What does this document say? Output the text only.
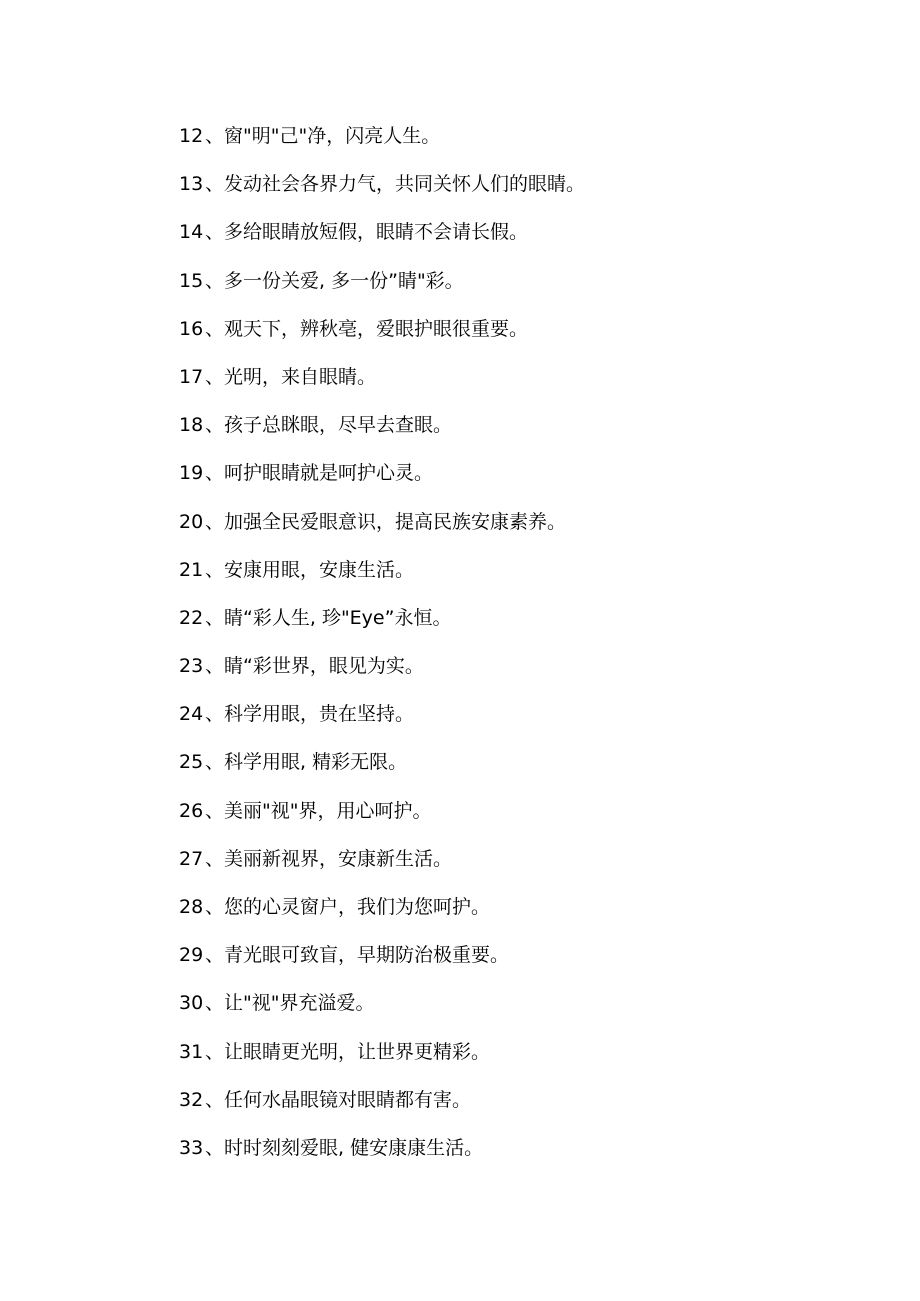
12、窗"明"己"净，闪亮人生。
13、发动社会各界力气，共同关怀人们的眼睛。
14、多给眼睛放短假，眼睛不会请长假。
15、多一份关爱, 多一份”睛"彩。
16、观天下，辨秋亳，爱眼护眼很重要。
17、光明，来自眼睛。
18、孩子总眯眼，尽早去查眼。
19、呵护眼睛就是呵护心灵。
20、加强全民爱眼意识，提高民族安康素养。
21、安康用眼，安康生活。
22、睛“彩人生, 珍"Eye”永恒。
23、睛“彩世界，眼见为实。
24、科学用眼，贵在坚持。
25、科学用眼, 精彩无限。
26、美丽"视"界，用心呵护。
27、美丽新视界，安康新生活。
28、您的心灵窗户，我们为您呵护。
29、青光眼可致盲，早期防治极重要。
30、让"视"界充溢爱。
31、让眼睛更光明，让世界更精彩。
32、任何水晶眼镜对眼睛都有害。
33、时时刻刻爱眼, 健安康康生活。
